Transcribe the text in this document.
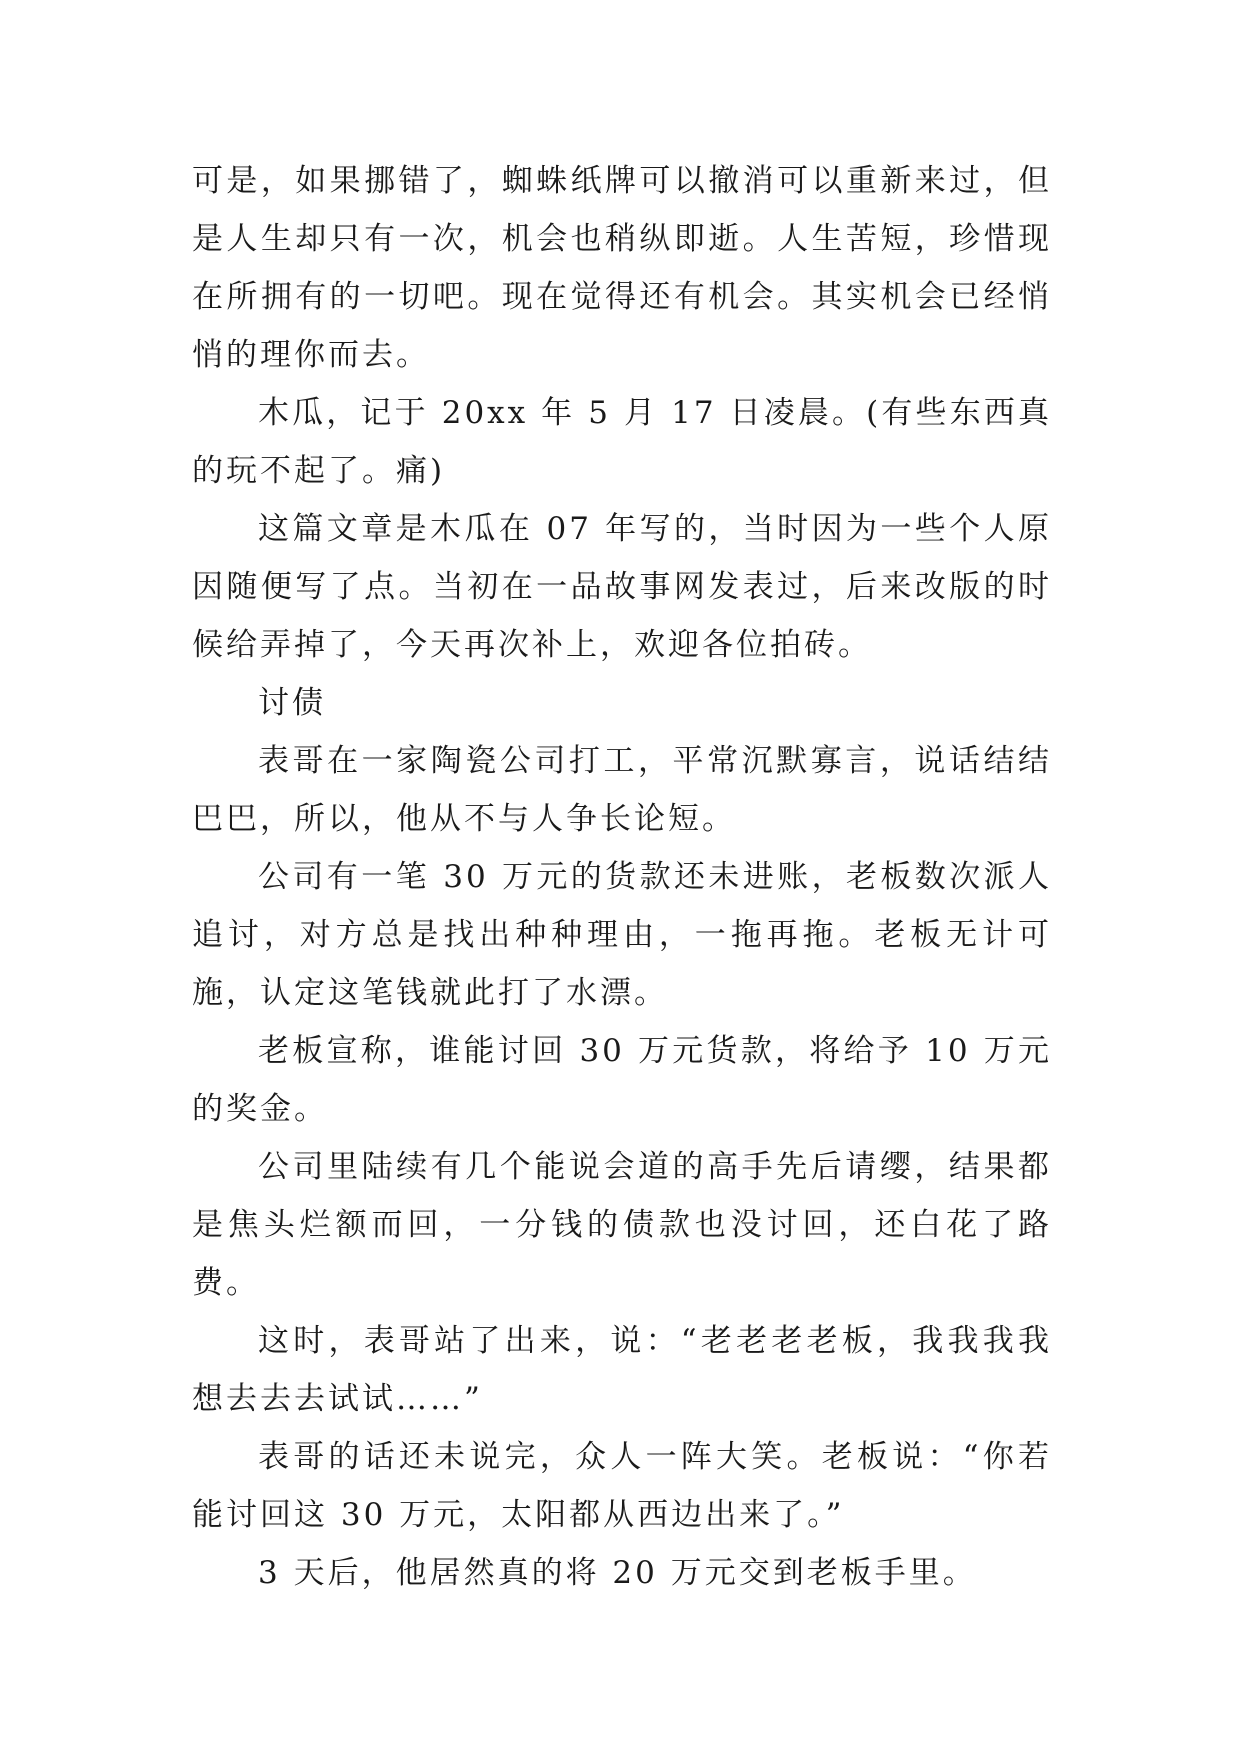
可是，如果挪错了，蜘蛛纸牌可以撤消可以重新来过，但是人生却只有一次，机会也稍纵即逝。人生苦短，珍惜现在所拥有的一切吧。现在觉得还有机会。其实机会已经悄悄的理你而去。

木瓜，记于 20xx 年 5 月 17 日凌晨。(有些东西真的玩不起了。痛)

这篇文章是木瓜在 07 年写的，当时因为一些个人原因随便写了点。当初在一品故事网发表过，后来改版的时候给弄掉了，今天再次补上，欢迎各位拍砖。

讨债

表哥在一家陶瓷公司打工，平常沉默寡言，说话结结巴巴，所以，他从不与人争长论短。

公司有一笔 30 万元的货款还未进账，老板数次派人追讨，对方总是找出种种理由，一拖再拖。老板无计可施，认定这笔钱就此打了水漂。

老板宣称，谁能讨回 30 万元货款，将给予 10 万元的奖金。

公司里陆续有几个能说会道的高手先后请缨，结果都是焦头烂额而回，一分钱的债款也没讨回，还白花了路费。

这时，表哥站了出来，说：“老老老老板，我我我我想去去去试试……”

表哥的话还未说完，众人一阵大笑。老板说：“你若能讨回这 30 万元，太阳都从西边出来了。”

3 天后，他居然真的将 20 万元交到老板手里。
